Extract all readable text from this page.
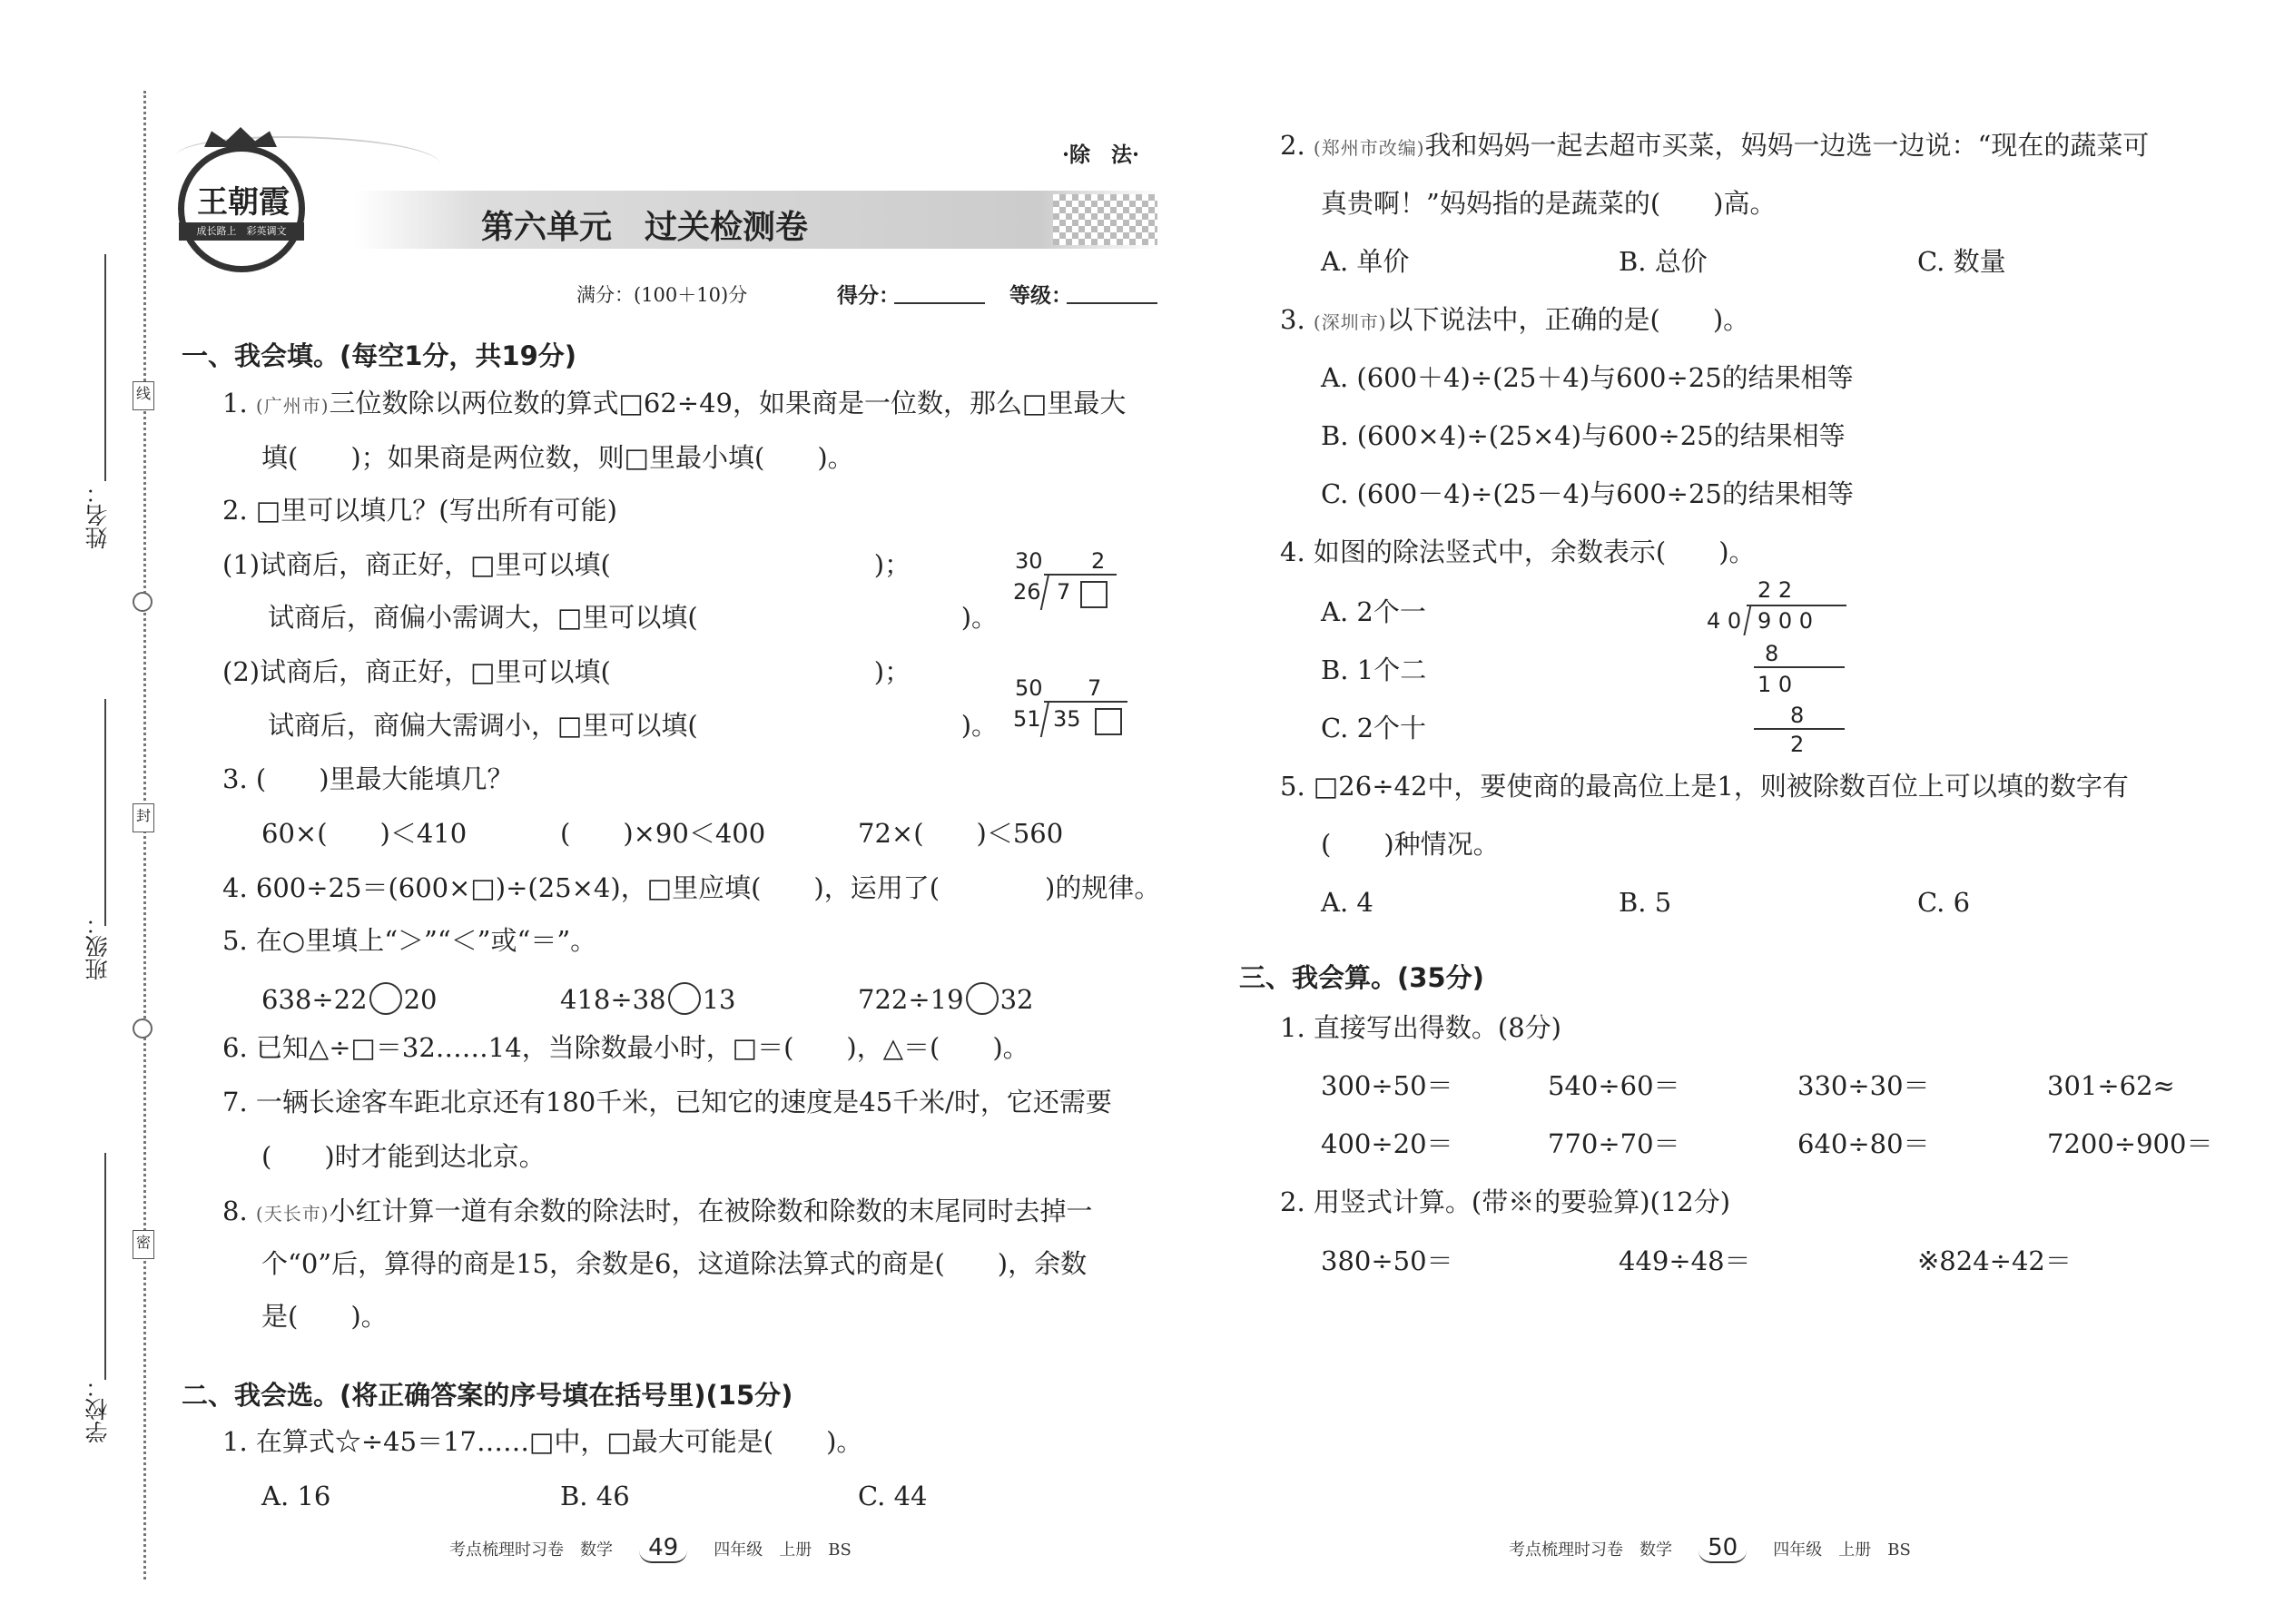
线
封
密
姓名：
班级：
学校：
王朝霞
成长路上　 彩英调文
·除　法·
第六单元　过关检测卷
满分：(100＋10)分	得分：	等级：
一、我会填。(每空1分，共19分)
1. (广州市)三位数除以两位数的算式□62÷49，如果商是一位数，那么□里最大
填(　　)；如果商是两位数，则□里最小填(　　)。
2. □里可以填几？(写出所有可能)
(1)试商后，商正好，□里可以填(　　　　　　　　　　)；
试商后，商偏小需调大，□里可以填(　　　　　　　　　　)。
(2)试商后，商正好，□里可以填(　　　　　　　　　　)；
试商后，商偏大需调小，□里可以填(　　　　　　　　　　)。
30 2
26 7
50 7
51 35
3. (　　)里最大能填几？
60×(　　)＜410	(　　)×90＜400	72×(　　)＜560
4. 600÷25＝(600×□)÷(25×4)，□里应填(　　)，运用了(　　　　)的规律。
5. 在○里填上“＞”“＜”或“＝”。
638÷22 20	418÷38 13	722÷19 32
6. 已知△÷□＝32……14，当除数最小时，□＝(　　)，△＝(　　)。
7. 一辆长途客车距北京还有180千米，已知它的速度是45千米/时，它还需要
(　　)时才能到达北京。
8. (天长市)小红计算一道有余数的除法时，在被除数和除数的末尾同时去掉一
个“0”后，算得的商是15，余数是6，这道除法算式的商是(　　)，余数
是(　　)。
二、我会选。(将正确答案的序号填在括号里)(15分)
1. 在算式☆÷45＝17……□中，□最大可能是(　　)。
A. 16	B. 46	C. 44
2. (郑州市改编)我和妈妈一起去超市买菜，妈妈一边选一边说：“现在的蔬菜可
真贵啊！”妈妈指的是蔬菜的(　　)高。
A. 单价	B. 总价	C. 数量
3. (深圳市)以下说法中，正确的是(　　)。
A. (600＋4)÷(25＋4)与600÷25的结果相等
B. (600×4)÷(25×4)与600÷25的结果相等
C. (600－4)÷(25－4)与600÷25的结果相等
4. 如图的除法竖式中，余数表示(　　)。
A. 2个一
B. 1个二
C. 2个十
2 2
4 0 9 0 0
8
1 0
8
2
5. □26÷42中，要使商的最高位上是1，则被除数百位上可以填的数字有
(　　)种情况。
A. 4	B. 5	C. 6
三、我会算。(35分)
1. 直接写出得数。(8分)
300÷50＝	540÷60＝	330÷30＝	301÷62≈
400÷20＝	770÷70＝	640÷80＝	7200÷900＝
2. 用竖式计算。(带※的要验算)(12分)
380÷50＝	449÷48＝	※824÷42＝
考点梳理时习卷　数学 49 四年级　上册　BS	考点梳理时习卷　数学 50 四年级　上册　BS
